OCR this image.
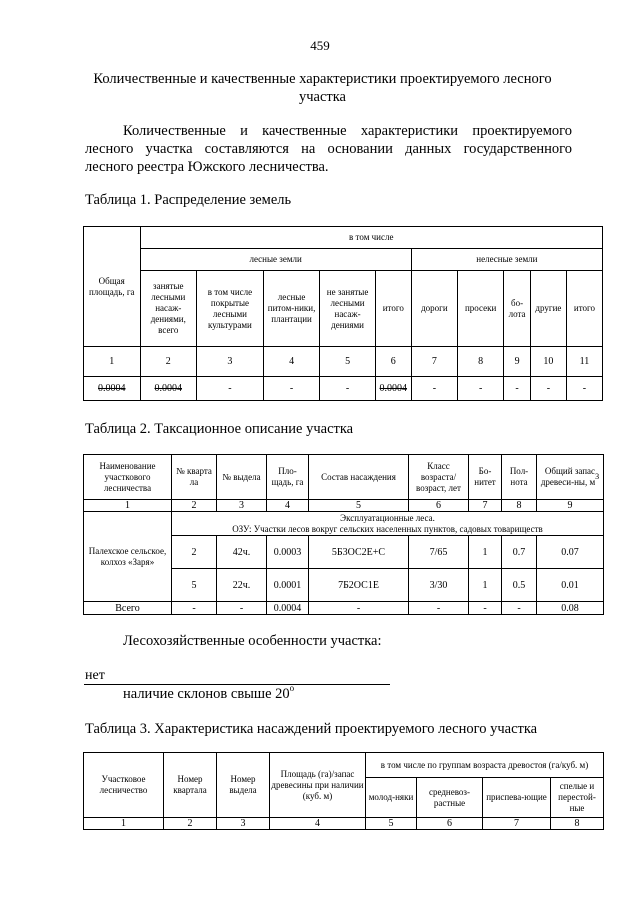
459
Количественные и качественные характеристики проектируемого лесного
участка

Количественные и качественные характеристики проектируемого лесного участка составляются на основании данных государственного лесного реестра Южского лесничества.

Таблица 1. Распределение земель
Общая площадь, га	в том числе									
	лесные земли					нелесные земли				
	занятые лесными насаж-дениями, всего	в том числе покрытые лесными культурами	лесные питом-ники, плантации	не занятые лесными насаж-дениями	итого	дороги	просеки	бо-лота	другие	итого
1	2	3	4	5	6	7	8	9	10	11
0.0004	0.0004	-	-	-	0.0004	-	-	-	-	-
Таблица 2. Таксационное описание участка
Наименование участкового лесничества	№ кварта ла	№ выдела	Пло-щадь, га	Состав насаждения	Класс возраста/ возраст, лет	Бо-нитет	Пол-нота	Общий запас древеси-ны, $м^3$
1	2	3	4	5	6	7	8	9
Палехское сельское, колхоз «Заря»	Эксплуатационные леса.
ОЗУ: Участки лесов вокруг сельских населенных пунктов, садовых товариществ							

	2	42ч.	0.0003	5Б3ОС2Е+С	7/65	1	0.7	0.07
	5	22ч.	0.0001	7Б2ОС1Е	3/30	1	0.5	0.01
Всего	-	-	0.0004	-	-	-	-	0.08
Лесохозяйственные особенности участка:
нет
наличие склонов свыше 20$^o$
Таблица 3. Характеристика насаждений проектируемого лесного участка
Участковое лесничество	Номер квартала	Номер выдела	Площадь (га)/запас древесины при наличии (куб. м)	в том числе по группам возраста древостоя (га/куб. м)			
				молод-няки	средневоз-растные	приспева-ющие	спелые и перестой-ные
1	2	3	4	5	6	7	8
